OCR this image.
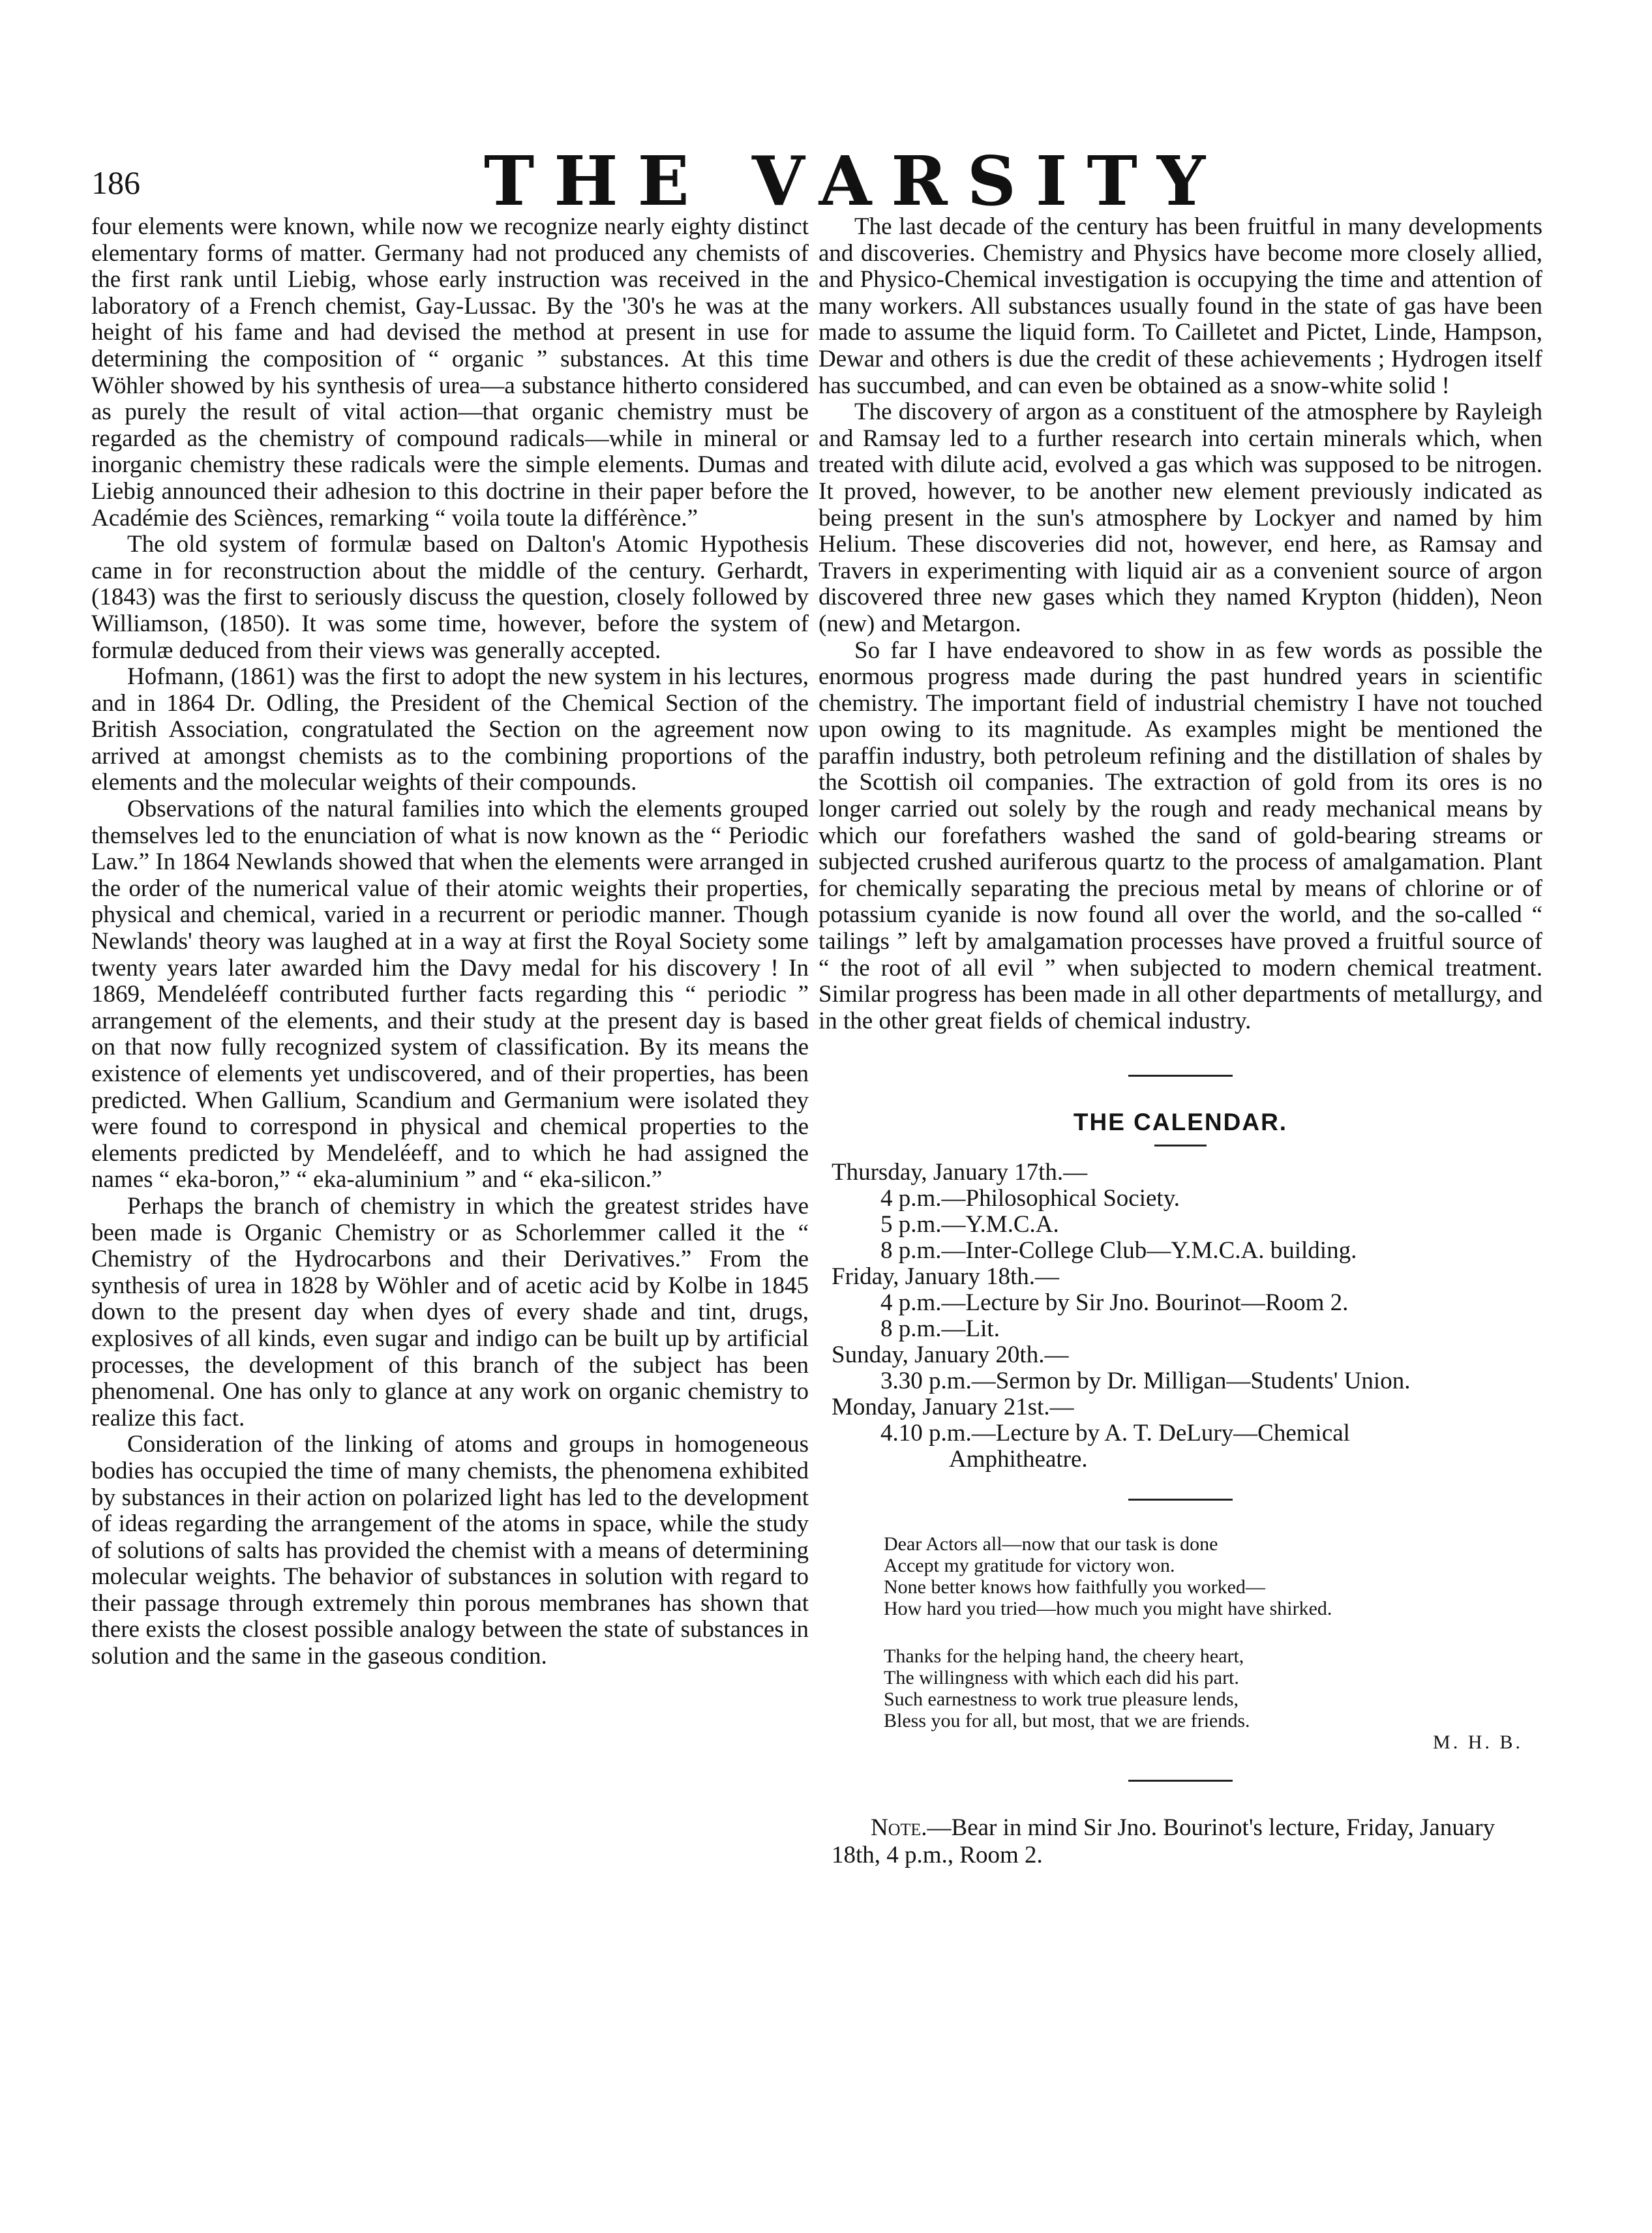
186	THE VARSITY

four elements were known, while now we recognize nearly eighty distinct elementary forms of matter. Germany had not produced any chemists of the first rank until Liebig, whose early instruction was received in the laboratory of a French chemist, Gay-Lussac. By the '30's he was at the height of his fame and had devised the method at present in use for determining the composition of “ organic ” substances. At this time Wöhler showed by his synthesis of urea—a substance hitherto considered as purely the result of vital action—that organic chemistry must be regarded as the chemistry of compound radicals—while in mineral or inorganic chemistry these radicals were the simple elements. Dumas and Liebig announced their adhesion to this doctrine in their paper before the Académie des Sciènces, remarking “ voila toute la différènce.”

The old system of formulæ based on Dalton's Atomic Hypothesis came in for reconstruction about the middle of the century. Gerhardt, (1843) was the first to seriously discuss the question, closely followed by Williamson, (1850). It was some time, however, before the system of formulæ deduced from their views was generally accepted.

Hofmann, (1861) was the first to adopt the new system in his lectures, and in 1864 Dr. Odling, the President of the Chemical Section of the British Association, congratulated the Section on the agreement now arrived at amongst chemists as to the combining proportions of the elements and the molecular weights of their compounds.

Observations of the natural families into which the elements grouped themselves led to the enunciation of what is now known as the “ Periodic Law.” In 1864 Newlands showed that when the elements were arranged in the order of the numerical value of their atomic weights their properties, physical and chemical, varied in a recurrent or periodic manner. Though Newlands' theory was laughed at in a way at first the Royal Society some twenty years later awarded him the Davy medal for his discovery ! In 1869, Mendeléeff contributed further facts regarding this “ periodic ” arrangement of the elements, and their study at the present day is based on that now fully recognized system of classification. By its means the existence of elements yet undiscovered, and of their properties, has been predicted. When Gallium, Scandium and Germanium were isolated they were found to correspond in physical and chemical properties to the elements predicted by Mendeléeff, and to which he had assigned the names “ eka-boron,” “ eka-aluminium ” and “ eka-silicon.”

Perhaps the branch of chemistry in which the greatest strides have been made is Organic Chemistry or as Schorlemmer called it the “ Chemistry of the Hydrocarbons and their Derivatives.” From the synthesis of urea in 1828 by Wöhler and of acetic acid by Kolbe in 1845 down to the present day when dyes of every shade and tint, drugs, explosives of all kinds, even sugar and indigo can be built up by artificial processes, the development of this branch of the subject has been phenomenal. One has only to glance at any work on organic chemistry to realize this fact.

Consideration of the linking of atoms and groups in homogeneous bodies has occupied the time of many chemists, the phenomena exhibited by substances in their action on polarized light has led to the development of ideas regarding the arrangement of the atoms in space, while the study of solutions of salts has provided the chemist with a means of determining molecular weights. The behavior of substances in solution with regard to their passage through extremely thin porous membranes has shown that there exists the closest possible analogy between the state of substances in solution and the same in the gaseous condition.

The last decade of the century has been fruitful in many developments and discoveries. Chemistry and Physics have become more closely allied, and Physico-Chemical investigation is occupying the time and attention of many workers. All substances usually found in the state of gas have been made to assume the liquid form. To Cailletet and Pictet, Linde, Hampson, Dewar and others is due the credit of these achievements ; Hydrogen itself has succumbed, and can even be obtained as a snow-white solid !

The discovery of argon as a constituent of the atmosphere by Rayleigh and Ramsay led to a further research into certain minerals which, when treated with dilute acid, evolved a gas which was supposed to be nitrogen. It proved, however, to be another new element previously indicated as being present in the sun's atmosphere by Lockyer and named by him Helium. These discoveries did not, however, end here, as Ramsay and Travers in experimenting with liquid air as a convenient source of argon discovered three new gases which they named Krypton (hidden), Neon (new) and Metargon.

So far I have endeavored to show in as few words as possible the enormous progress made during the past hundred years in scientific chemistry. The important field of industrial chemistry I have not touched upon owing to its magnitude. As examples might be mentioned the paraffin industry, both petroleum refining and the distillation of shales by the Scottish oil companies. The extraction of gold from its ores is no longer carried out solely by the rough and ready mechanical means by which our forefathers washed the sand of gold-bearing streams or subjected crushed auriferous quartz to the process of amalgamation. Plant for chemically separating the precious metal by means of chlorine or of potassium cyanide is now found all over the world, and the so-called “ tailings ” left by amalgamation processes have proved a fruitful source of “ the root of all evil ” when subjected to modern chemical treatment. Similar progress has been made in all other departments of metallurgy, and in the other great fields of chemical industry.

THE CALENDAR.

Thursday, January 17th.—

4 p.m.—Philosophical Society.

5 p.m.—Y.M.C.A.

8 p.m.—Inter-College Club—Y.M.C.A. building.

Friday, January 18th.—

4 p.m.—Lecture by Sir Jno. Bourinot—Room 2.

8 p.m.—Lit.

Sunday, January 20th.—

3.30 p.m.—Sermon by Dr. Milligan—Students' Union.

Monday, January 21st.—

4.10 p.m.—Lecture by A. T. DeLury—Chemical

Amphitheatre.

Dear Actors all—now that our task is done

Accept my gratitude for victory won.

None better knows how faithfully you worked—

How hard you tried—how much you might have shirked.

Thanks for the helping hand, the cheery heart,

The willingness with which each did his part.

Such earnestness to work true pleasure lends,

Bless you for all, but most, that we are friends.

M. H. B.

Note.—Bear in mind Sir Jno. Bourinot's lecture, Friday, January 18th, 4 p.m., Room 2.
